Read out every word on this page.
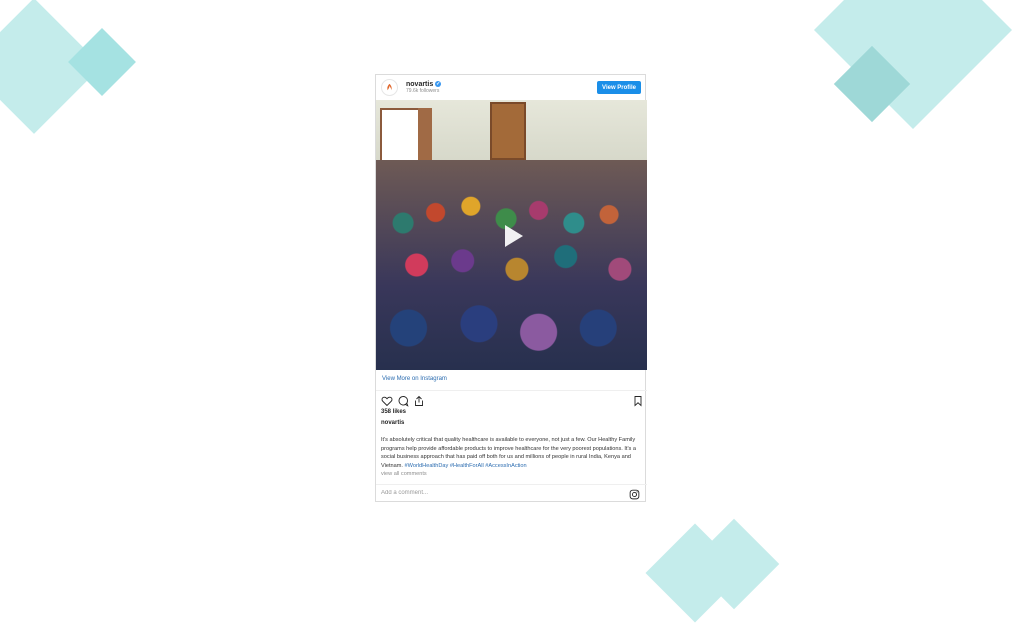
novartis ✓
79.6k followers	View Profile
View More on Instagram
358 likes
novartis
It's absolutely critical that quality healthcare is available to everyone, not just a few. Our Healthy Family programs help provide affordable products to improve healthcare for the very poorest populations. It's a social business approach that has paid off both for us and millions of people in rural India, Kenya and Vietnam. #WorldHealthDay #HealthForAll #AccessInAction
view all comments
Add a comment...
